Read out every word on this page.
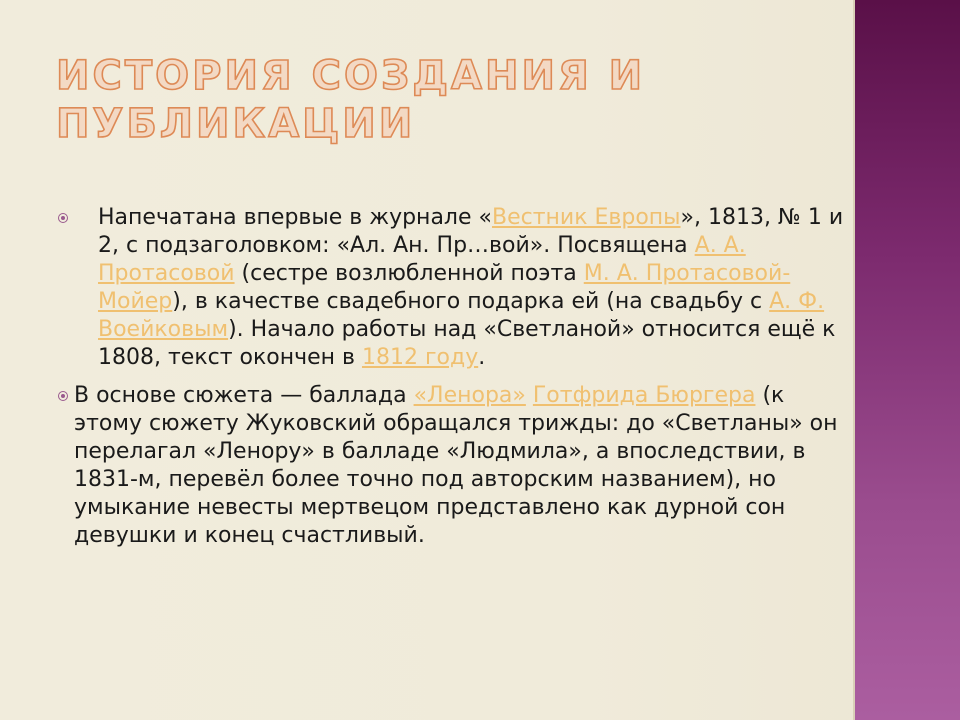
ИСТОРИЯ СОЗДАНИЯ И ПУБЛИКАЦИИ
Напечатана впервые в журнале «Вестник Европы», 1813, № 1 и 2, с подзаголовком: «Ал. Ан. Пр…вой». Посвящена А. А. Протасовой (сестре возлюбленной поэта М. А. Протасовой-Мойер), в качестве свадебного подарка ей (на свадьбу с А. Ф. Воейковым). Начало работы над «Светланой» относится ещё к 1808, текст окончен в 1812 году.
В основе сюжета — баллада «Ленора» Готфрида Бюргера (к этому сюжету Жуковский обращался трижды: до «Светланы» он перелагал «Ленору» в балладе «Людмила», а впоследствии, в 1831-м, перевёл более точно под авторским названием), но умыкание невесты мертвецом представлено как дурной сон девушки и конец счастливый.
